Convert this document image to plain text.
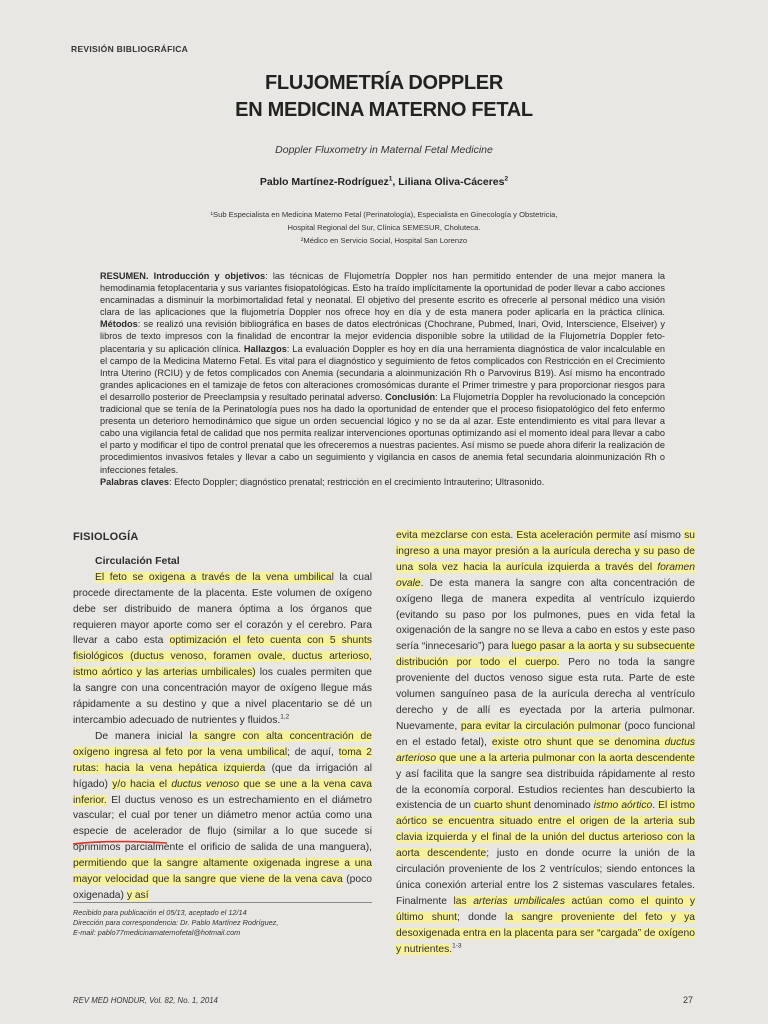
REVISIÓN BIBLIOGRÁFICA
FLUJOMETRÍA DOPPLER
EN MEDICINA MATERNO FETAL
Doppler Fluxometry in Maternal Fetal Medicine
Pablo Martínez-Rodríguez$^1$, Liliana Oliva-Cáceres$^2$

¹Sub Especialista en Medicina Materno Fetal (Perinatología), Especialista en Ginecología y Obstetricia,

Hospital Regional del Sur, Clínica SEMESUR, Choluteca.

²Médico en Servicio Social, Hospital San Lorenzo

RESUMEN. Introducción y objetivos: las técnicas de Flujometría Doppler nos han permitido entender de una mejor manera la hemodinamia fetoplacentaria y sus variantes fisiopatológicas. Esto ha traído implícitamente la oportunidad de poder llevar a cabo acciones encaminadas a disminuir la morbimortalidad fetal y neonatal. El objetivo del presente escrito es ofrecerle al personal médico una visión clara de las aplicaciones que la flujometría Doppler nos ofrece hoy en día y de esta manera poder aplicarla en la práctica clínica. Métodos: se realizó una revisión bibliográfica en bases de datos electrónicas (Chochrane, Pubmed, Inari, Ovid, Interscience, Elseiver) y libros de texto impresos con la finalidad de encontrar la mejor evidencia disponible sobre la utilidad de la Flujometría Doppler feto-placentaria y su aplicación clínica. Hallazgos: La evaluación Doppler es hoy en día una herramienta diagnóstica de valor incalculable en el campo de la Medicina Materno Fetal. Es vital para el diagnóstico y seguimiento de fetos complicados con Restricción en el Crecimiento Intra Uterino (RCIU) y de fetos complicados con Anemia (secundaria a aloinmunización Rh o Parvovirus B19). Así mismo ha encontrado grandes aplicaciones en el tamizaje de fetos con alteraciones cromosómicas durante el Primer trimestre y para proporcionar riesgos para el desarrollo posterior de Preeclampsia y resultado perinatal adverso. Conclusión: La Flujometría Doppler ha revolucionado la concepción tradicional que se tenía de la Perinatología pues nos ha dado la oportunidad de entender que el proceso fisiopatológico del feto enfermo presenta un deterioro hemodinámico que sigue un orden secuencial lógico y no se da al azar. Este entendimiento es vital para llevar a cabo una vigilancia fetal de calidad que nos permita realizar intervenciones oportunas optimizando así el momento ideal para llevar a cabo el parto y modificar el tipo de control prenatal que les ofreceremos a nuestras pacientes. Así mismo se puede ahora diferir la realización de procedimientos invasivos fetales y llevar a cabo un seguimiento y vigilancia en casos de anemia fetal secundaria aloinmunización Rh o infecciones fetales.

Palabras claves: Efecto Doppler; diagnóstico prenatal; restricción en el crecimiento Intrauterino; Ultrasonido.

FISIOLOGÍA

Circulación Fetal

El feto se oxigena a través de la vena umbilical la cual procede directamente de la placenta. Este volumen de oxígeno debe ser distribuido de manera óptima a los órganos que requieren mayor aporte como ser el corazón y el cerebro. Para llevar a cabo esta optimización el feto cuenta con 5 shunts fisiológicos (ductus venoso, foramen ovale, ductus arterioso, istmo aórtico y las arterias umbilicales) los cuales permiten que la sangre con una concentración mayor de oxígeno llegue más rápidamente a su destino y que a nivel placentario se dé un intercambio adecuado de nutrientes y fluidos.$^{1,2}$

De manera inicial la sangre con alta concentración de oxígeno ingresa al feto por la vena umbilical; de aquí, toma 2 rutas: hacia la vena hepática izquierda (que da irrigación al hígado) y/o hacia el ductus venoso que se une a la vena cava inferior. El ductus venoso es un estrechamiento en el diámetro vascular; el cual por tener un diámetro menor actúa como una especie de acelerador de flujo (similar a lo que sucede si oprimimos parcialmente el orificio de salida de una manguera), permitiendo que la sangre altamente oxigenada ingrese a una mayor velocidad que la sangre que viene de la vena cava (poco oxigenada) y así

evita mezclarse con esta. Esta aceleración permite así mismo su ingreso a una mayor presión a la aurícula derecha y su paso de una sola vez hacia la aurícula izquierda a través del foramen ovale. De esta manera la sangre con alta concentración de oxígeno llega de manera expedita al ventrículo izquierdo (evitando su paso por los pulmones, pues en vida fetal la oxigenación de la sangre no se lleva a cabo en estos y este paso sería “innecesario”) para luego pasar a la aorta y su subsecuente distribución por todo el cuerpo. Pero no toda la sangre proveniente del ductos venoso sigue esta ruta. Parte de este volumen sanguíneo pasa de la aurícula derecha al ventrículo derecho y de allí es eyectada por la arteria pulmonar. Nuevamente, para evitar la circulación pulmonar (poco funcional en el estado fetal), existe otro shunt que se denomina ductus arterioso que une a la arteria pulmonar con la aorta descendente y así facilita que la sangre sea distribuida rápidamente al resto de la economía corporal. Estudios recientes han descubierto la existencia de un cuarto shunt denominado istmo aórtico. El istmo aórtico se encuentra situado entre el origen de la arteria sub clavia izquierda y el final de la unión del ductus arterioso con la aorta descendente; justo en donde ocurre la unión de la circulación proveniente de los 2 ventrículos; siendo entonces la única conexión arterial entre los 2 sistemas vasculares fetales. Finalmente las arterias umbilicales actúan como el quinto y último shunt; donde la sangre proveniente del feto y ya desoxigenada entra en la placenta para ser “cargada” de oxígeno y nutrientes.$^{1-3}$

Recibido para publicación el 05/13, aceptado el 12/14

Dirección para correspondencia: Dr. Pablo Martínez Rodríguez,

E-mail: pablo77medicinamaternofetal@hotmail.com

REV MED HONDUR, Vol. 82, No. 1, 2014	27
